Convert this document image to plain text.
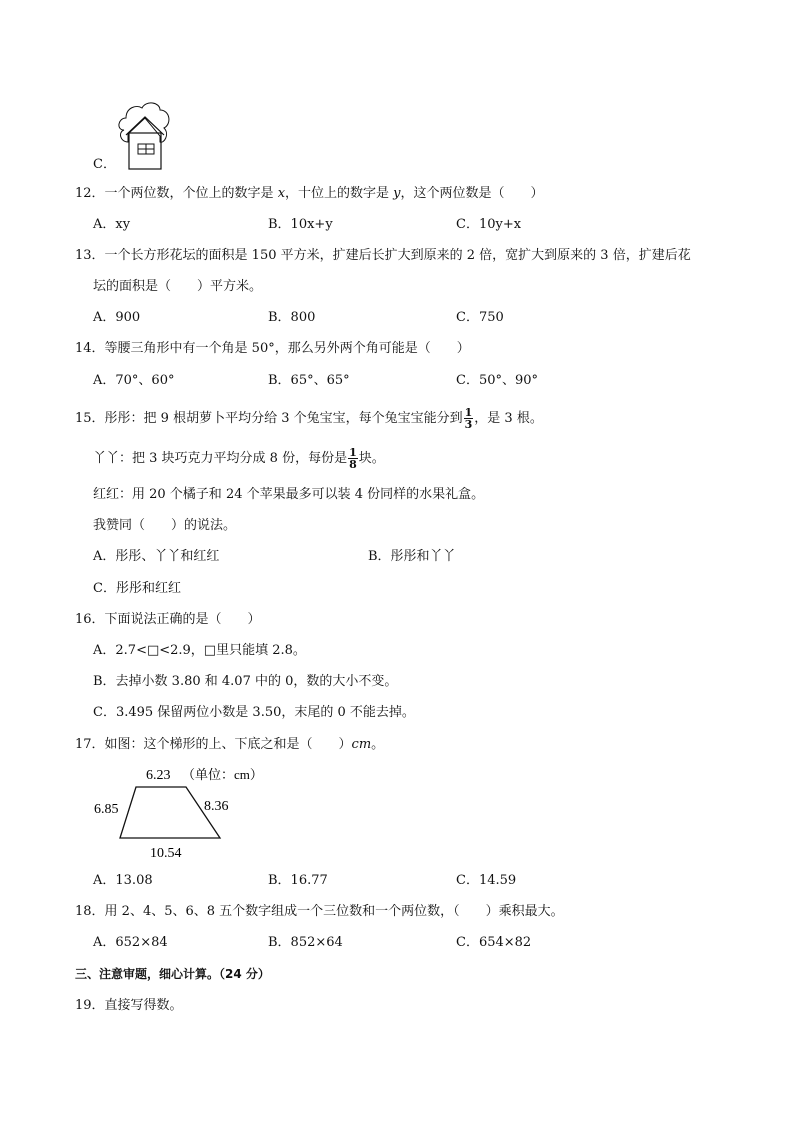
C．
12．一个两位数，个位上的数字是 x，十位上的数字是 y，这个两位数是（　　）
A．xy	B．10x+y	C．10y+x
13．一个长方形花坛的面积是 150 平方米，扩建后长扩大到原来的 2 倍，宽扩大到原来的 3 倍，扩建后花
坛的面积是（　　）平方米。
A．900	B．800	C．750
14．等腰三角形中有一个角是 50°，那么另外两个角可能是（　　）
A．70°、60°	B．65°、65°	C．50°、90°
15．彤彤：把 9 根胡萝卜平均分给 3 个兔宝宝，每个兔宝宝能分到 $\frac{1}{3}$ ，是 3 根。
丫丫：把 3 块巧克力平均分成 8 份，每份是 $\frac{1}{8}$ 块。
红红：用 20 个橘子和 24 个苹果最多可以装 4 份同样的水果礼盒。
我赞同（　　）的说法。
A．彤彤、丫丫和红红	B．彤彤和丫丫
C．彤彤和红红
16．下面说法正确的是（　　）
A．2.7<□<2.9，□里只能填 2.8。
B．去掉小数 3.80 和 4.07 中的 0，数的大小不变。
C．3.495 保留两位小数是 3.50，末尾的 0 不能去掉。
17．如图：这个梯形的上、下底之和是（　　）cm。
6.23 （单位：cm）
6.85	8.36
10.54
A．13.08	B．16.77	C．14.59
18．用 2、4、5、6、8 五个数字组成一个三位数和一个两位数，（　　）乘积最大。
A．652×84	B．852×64	C．654×82
三、注意审题，细心计算。（24 分）
19．直接写得数。
